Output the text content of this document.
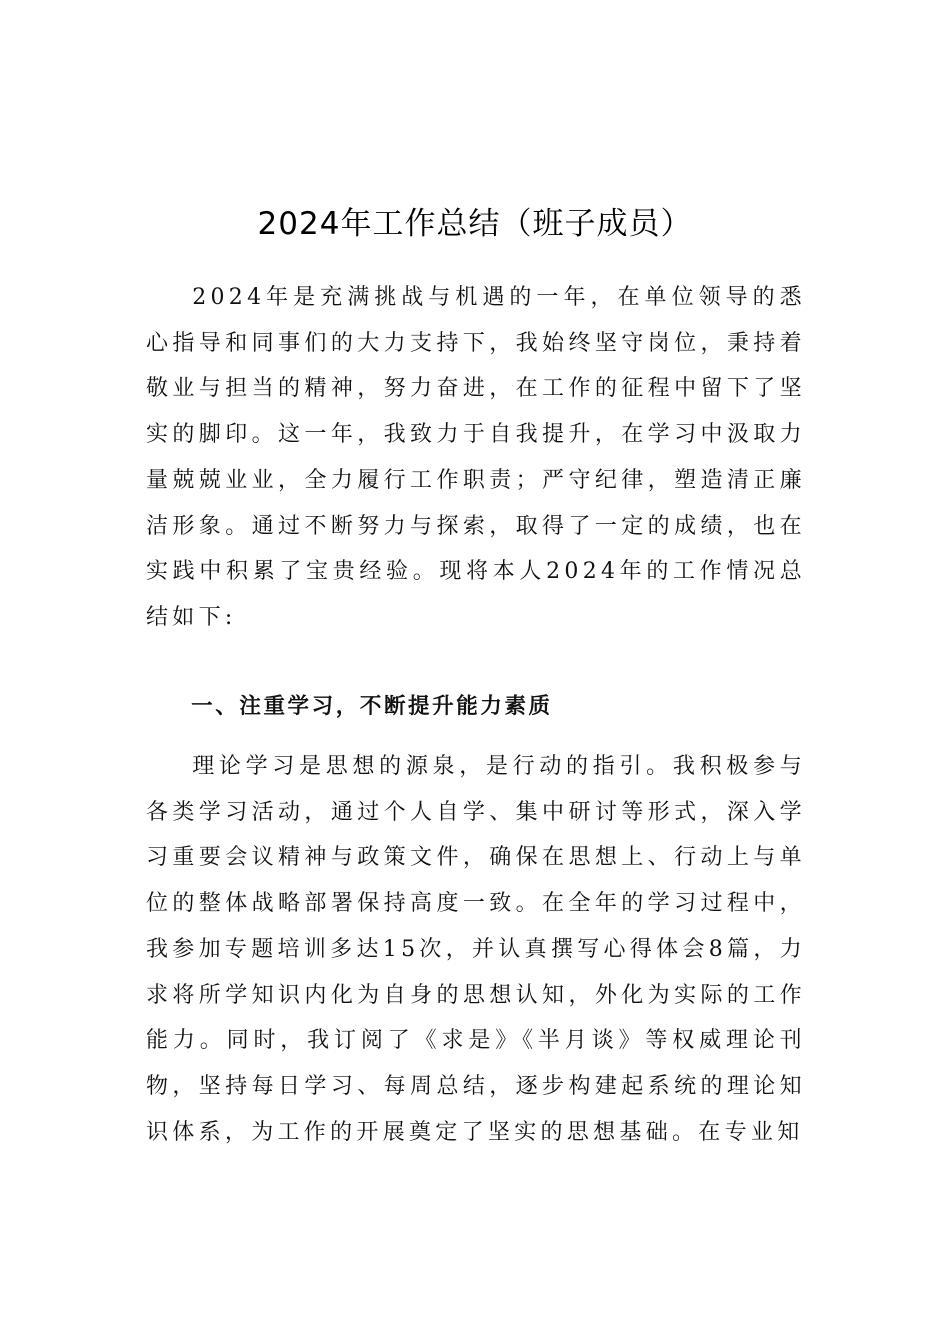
2024年工作总结（班子成员）

2024年是充满挑战与机遇的一年，在单位领导的悉心指导和同事们的大力支持下，我始终坚守岗位，秉持着敬业与担当的精神，努力奋进，在工作的征程中留下了坚实的脚印。这一年，我致力于自我提升，在学习中汲取力量兢兢业业，全力履行工作职责；严守纪律，塑造清正廉洁形象。通过不断努力与探索，取得了一定的成绩，也在实践中积累了宝贵经验。现将本人2024年的工作情况总结如下:

一、注重学习，不断提升能力素质

理论学习是思想的源泉，是行动的指引。我积极参与各类学习活动，通过个人自学、集中研讨等形式，深入学习重要会议精神与政策文件，确保在思想上、行动上与单位的整体战略部署保持高度一致。在全年的学习过程中，我参加专题培训多达15次，并认真撰写心得体会8篇，力求将所学知识内化为自身的思想认知，外化为实际的工作能力。同时，我订阅了《求是》《半月谈》等权威理论刊物，坚持每日学习、每周总结，逐步构建起系统的理论知识体系，为工作的开展奠定了坚实的思想基础。在专业知
